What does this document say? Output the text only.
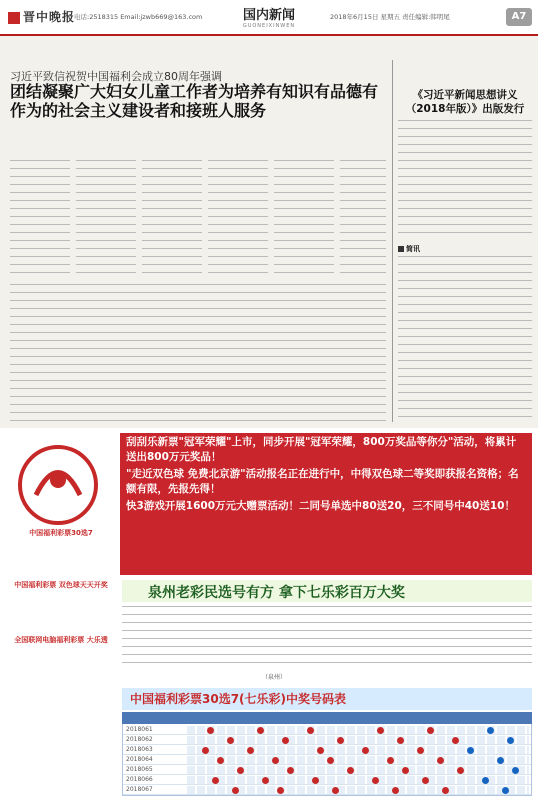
晋中晚报
电话:2518315 Email:jzwb669@163.com	国内新闻
GUONEIXINWEN
2018年6月15日 星期五 责任编辑:韩明尾	A7
习近平致信祝贺中国福利会成立80周年强调
团结凝聚广大妇女儿童工作者为培养有知识有品德有作为的社会主义建设者和接班人服务
《习近平新闻思想讲义（2018年版）》出版发行
简讯
中国福利彩票30选7
中国福利彩票 双色球天天开奖
全国联网电脑福利彩票 大乐透
刮刮乐新票"冠军荣耀"上市，同步开展"冠军荣耀，800万奖品等你分"活动，将累计送出800万元奖品！
"走近双色球 免费北京游"活动报名正在进行中，中得双色球二等奖即获报名资格；名额有限，先报先得！
快3游戏开展1600万元大赠票活动！二同号单选中80送20，三不同号中40送10！
泉州老彩民选号有方 拿下七乐彩百万大奖
（泉州）
中国福利彩票30选7(七乐彩)中奖号码表
2018061
2018062
2018063
2018064
2018065
2018066
2018067
